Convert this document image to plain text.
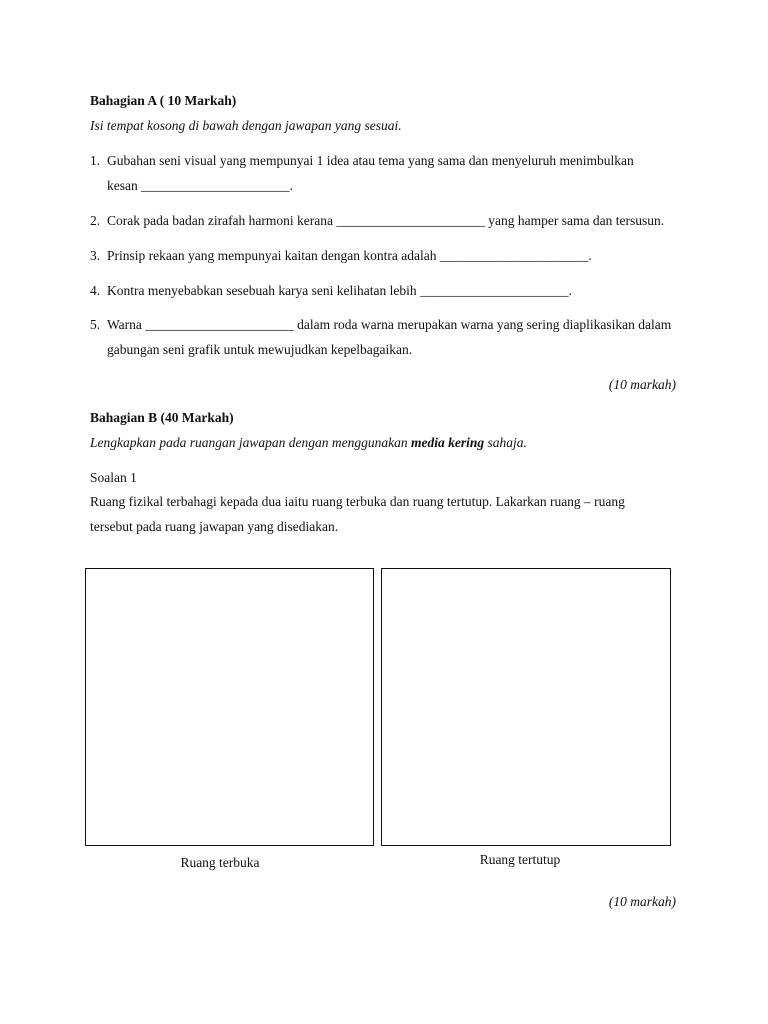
Bahagian A ( 10 Markah)
Isi tempat kosong di bawah dengan jawapan yang sesuai.
1. Gubahan seni visual yang mempunyai 1 idea atau tema yang sama dan menyeluruh menimbulkan
kesan ______________________.
2. Corak pada badan zirafah harmoni kerana ______________________ yang hamper sama dan tersusun.
3. Prinsip rekaan yang mempunyai kaitan dengan kontra adalah ______________________.
4. Kontra menyebabkan sesebuah karya seni kelihatan lebih ______________________.
5. Warna ______________________ dalam roda warna merupakan warna yang sering diaplikasikan dalam
gabungan seni grafik untuk mewujudkan kepelbagaikan.
(10 markah)
Bahagian B (40 Markah)
Lengkapkan pada ruangan jawapan dengan menggunakan media kering sahaja.
Soalan 1
Ruang fizikal terbahagi kepada dua iaitu ruang terbuka dan ruang tertutup. Lakarkan ruang – ruang
tersebut pada ruang jawapan yang disediakan.
Ruang terbuka	Ruang tertutup
(10 markah)
